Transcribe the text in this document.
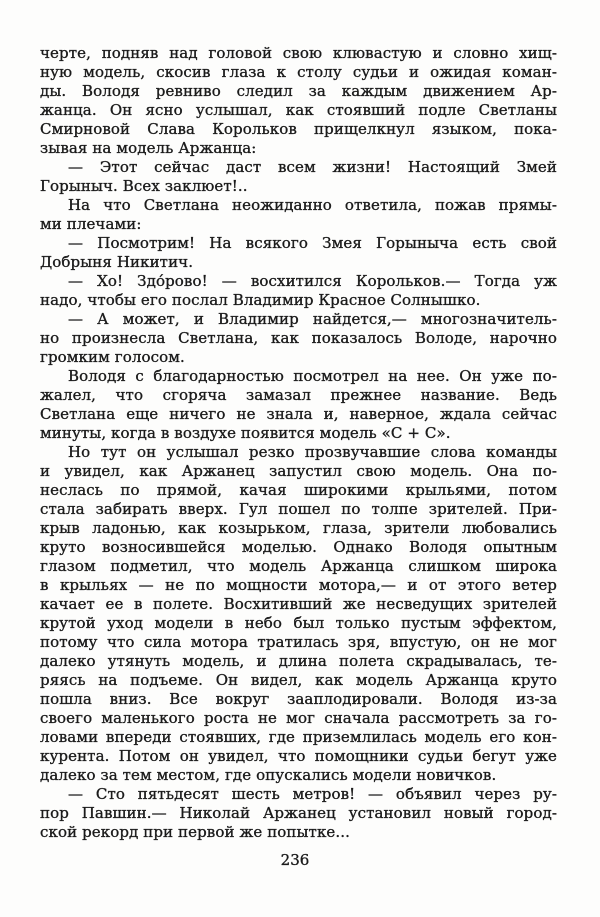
черте, подняв над головой свою клювастую и словно хищ-
ную модель, скосив глаза к столу судьи и ожидая коман-
ды. Володя ревниво следил за каждым движением Ар-
жанца. Он ясно услышал, как стоявший подле Светланы
Смирновой Слава Корольков прищелкнул языком, пока-
зывая на модель Аржанца:
— Этот сейчас даст всем жизни! Настоящий Змей
Горыныч. Всех заклюет!..
На что Светлана неожиданно ответила, пожав прямы-
ми плечами:
— Посмотрим! На всякого Змея Горыныча есть свой
Добрыня Никитич.
— Хо! Здо́рово! — восхитился Корольков.— Тогда уж
надо, чтобы его послал Владимир Красное Солнышко.
— А может, и Владимир найдется,— многозначитель-
но произнесла Светлана, как показалось Володе, нарочно
громким голосом.
Володя с благодарностью посмотрел на нее. Он уже по-
жалел, что сгоряча замазал прежнее название. Ведь
Светлана еще ничего не знала и, наверное, ждала сейчас
минуты, когда в воздухе появится модель «С + С».
Но тут он услышал резко прозвучавшие слова команды
и увидел, как Аржанец запустил свою модель. Она по-
неслась по прямой, качая широкими крыльями, потом
стала забирать вверх. Гул пошел по толпе зрителей. При-
крыв ладонью, как козырьком, глаза, зрители любовались
круто возносившейся моделью. Однако Володя опытным
глазом подметил, что модель Аржанца слишком широка
в крыльях — не по мощности мотора,— и от этого ветер
качает ее в полете. Восхитивший же несведущих зрителей
крутой уход модели в небо был только пустым эффектом,
потому что сила мотора тратилась зря, впустую, он не мог
далеко утянуть модель, и длина полета скрадывалась, те-
ряясь на подъеме. Он видел, как модель Аржанца круто
пошла вниз. Все вокруг зааплодировали. Володя из-за
своего маленького роста не мог сначала рассмотреть за го-
ловами впереди стоявших, где приземлилась модель его кон-
курента. Потом он увидел, что помощники судьи бегут уже
далеко за тем местом, где опускались модели новичков.
— Сто пятьдесят шесть метров! — объявил через ру-
пор Павшин.— Николай Аржанец установил новый город-
ской рекорд при первой же попытке...
236
